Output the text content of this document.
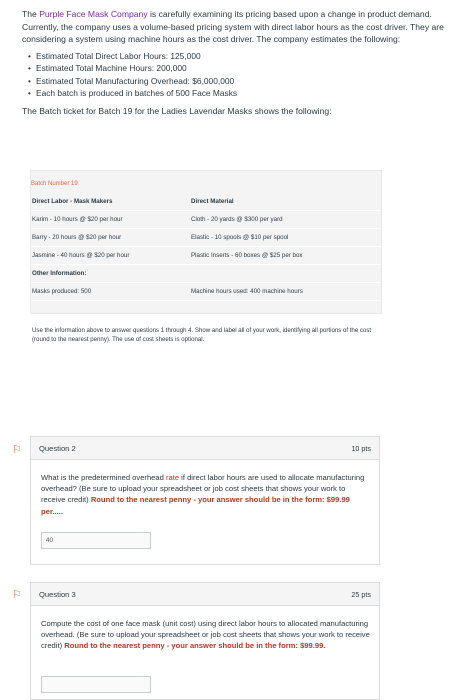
The Purple Face Mask Company is carefully examining its pricing based upon a change in product demand. Currently, the company uses a volume-based pricing system with direct labor hours as the cost driver. They are considering a system using machine hours as the cost driver. The company estimates the following:

• Estimated Total Direct Labor Hours: 125,000
• Estimated Total Machine Hours: 200,000
• Estimated Total Manufacturing Overhead: $6,000,000
• Each batch is produced in batches of 500 Face Masks

The Batch ticket for Batch 19 for the Ladies Lavendar Masks shows the following:

Batch Number 19
Direct Labor - Mask Makers		Direct Material
Karim - 10 hours @ $20 per hour		Cloth - 20 yards @ $300 per yard
Barry - 20 hours @ $20 per hour		Elastic - 10 spools @ $10 per spool
Jasmine - 40 hours @ $20 per hour		Plastic Inserts - 60 boxes @ $25 per box
Other Information:		
Masks produced: 500		Machine hours used: 400 machine hours
Use the information above to answer questions 1 through 4. Show and label all of your work, identifying all portions of the cost (round to the nearest penny). The use of cost sheets is optional.
⚐ Question 2	10 pts
What is the predetermined overhead rate if direct labor hours are used to allocate manufacturing overhead? (Be sure to upload your spreadsheet or job cost sheets that shows your work to receive credit) Round to the nearest penny - your answer should be in the form: $99.99 per.....
40
⚐ Question 3	25 pts
Compute the cost of one face mask (unit cost) using direct labor hours to allocated manufacturing overhead. (Be sure to upload your spreadsheet or job cost sheets that shows your work to receive credit) Round to the nearest penny - your answer should be in the form: $99.99.
